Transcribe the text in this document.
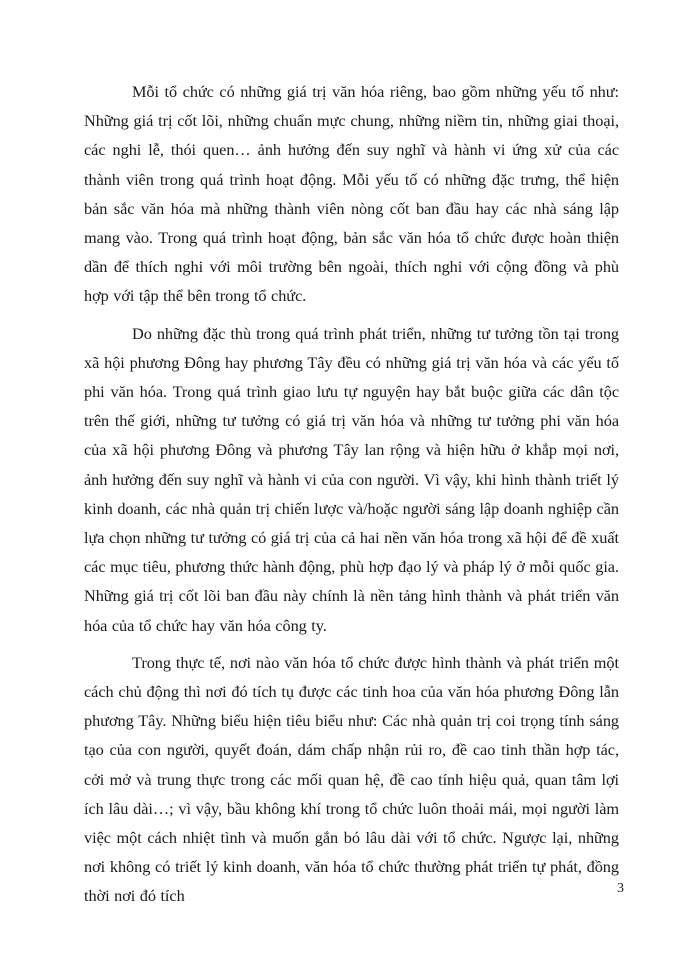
Mỗi tổ chức có những giá trị văn hóa riêng, bao gồm những yếu tố như: Những giá trị cốt lõi, những chuẩn mực chung, những niềm tin, những giai thoại, các nghi lễ, thói quen… ảnh hưởng đến suy nghĩ và hành vi ứng xử của các thành viên trong quá trình hoạt động. Mỗi yếu tố có những đặc trưng, thể hiện bản sắc văn hóa mà những thành viên nòng cốt ban đầu hay các nhà sáng lập mang vào. Trong quá trình hoạt động, bản sắc văn hóa tổ chức được hoàn thiện dần để thích nghi với môi trường bên ngoài, thích nghi với cộng đồng và phù hợp với tập thể bên trong tổ chức.

Do những đặc thù trong quá trình phát triển, những tư tưởng tồn tại trong xã hội phương Đông hay phương Tây đều có những giá trị văn hóa và các yếu tố phi văn hóa. Trong quá trình giao lưu tự nguyện hay bắt buộc giữa các dân tộc trên thế giới, những tư tưởng có giá trị văn hóa và những tư tưởng phi văn hóa của xã hội phương Đông và phương Tây lan rộng và hiện hữu ở khắp mọi nơi, ảnh hưởng đến suy nghĩ và hành vi của con người. Vì vậy, khi hình thành triết lý kinh doanh, các nhà quản trị chiến lược và/hoặc người sáng lập doanh nghiệp cần lựa chọn những tư tưởng có giá trị của cả hai nền văn hóa trong xã hội để đề xuất các mục tiêu, phương thức hành động, phù hợp đạo lý và pháp lý ở mỗi quốc gia. Những giá trị cốt lõi ban đầu này chính là nền tảng hình thành và phát triển văn hóa của tổ chức hay văn hóa công ty.

Trong thực tế, nơi nào văn hóa tổ chức được hình thành và phát triển một cách chủ động thì nơi đó tích tụ được các tinh hoa của văn hóa phương Đông lẫn phương Tây. Những biểu hiện tiêu biểu như: Các nhà quản trị coi trọng tính sáng tạo của con người, quyết đoán, dám chấp nhận rủi ro, đề cao tinh thần hợp tác, cởi mở và trung thực trong các mối quan hệ, đề cao tính hiệu quả, quan tâm lợi ích lâu dài…; vì vậy, bầu không khí trong tổ chức luôn thoải mái, mọi người làm việc một cách nhiệt tình và muốn gắn bó lâu dài với tổ chức. Ngược lại, những nơi không có triết lý kinh doanh, văn hóa tổ chức thường phát triển tự phát, đồng thời nơi đó tích	3
